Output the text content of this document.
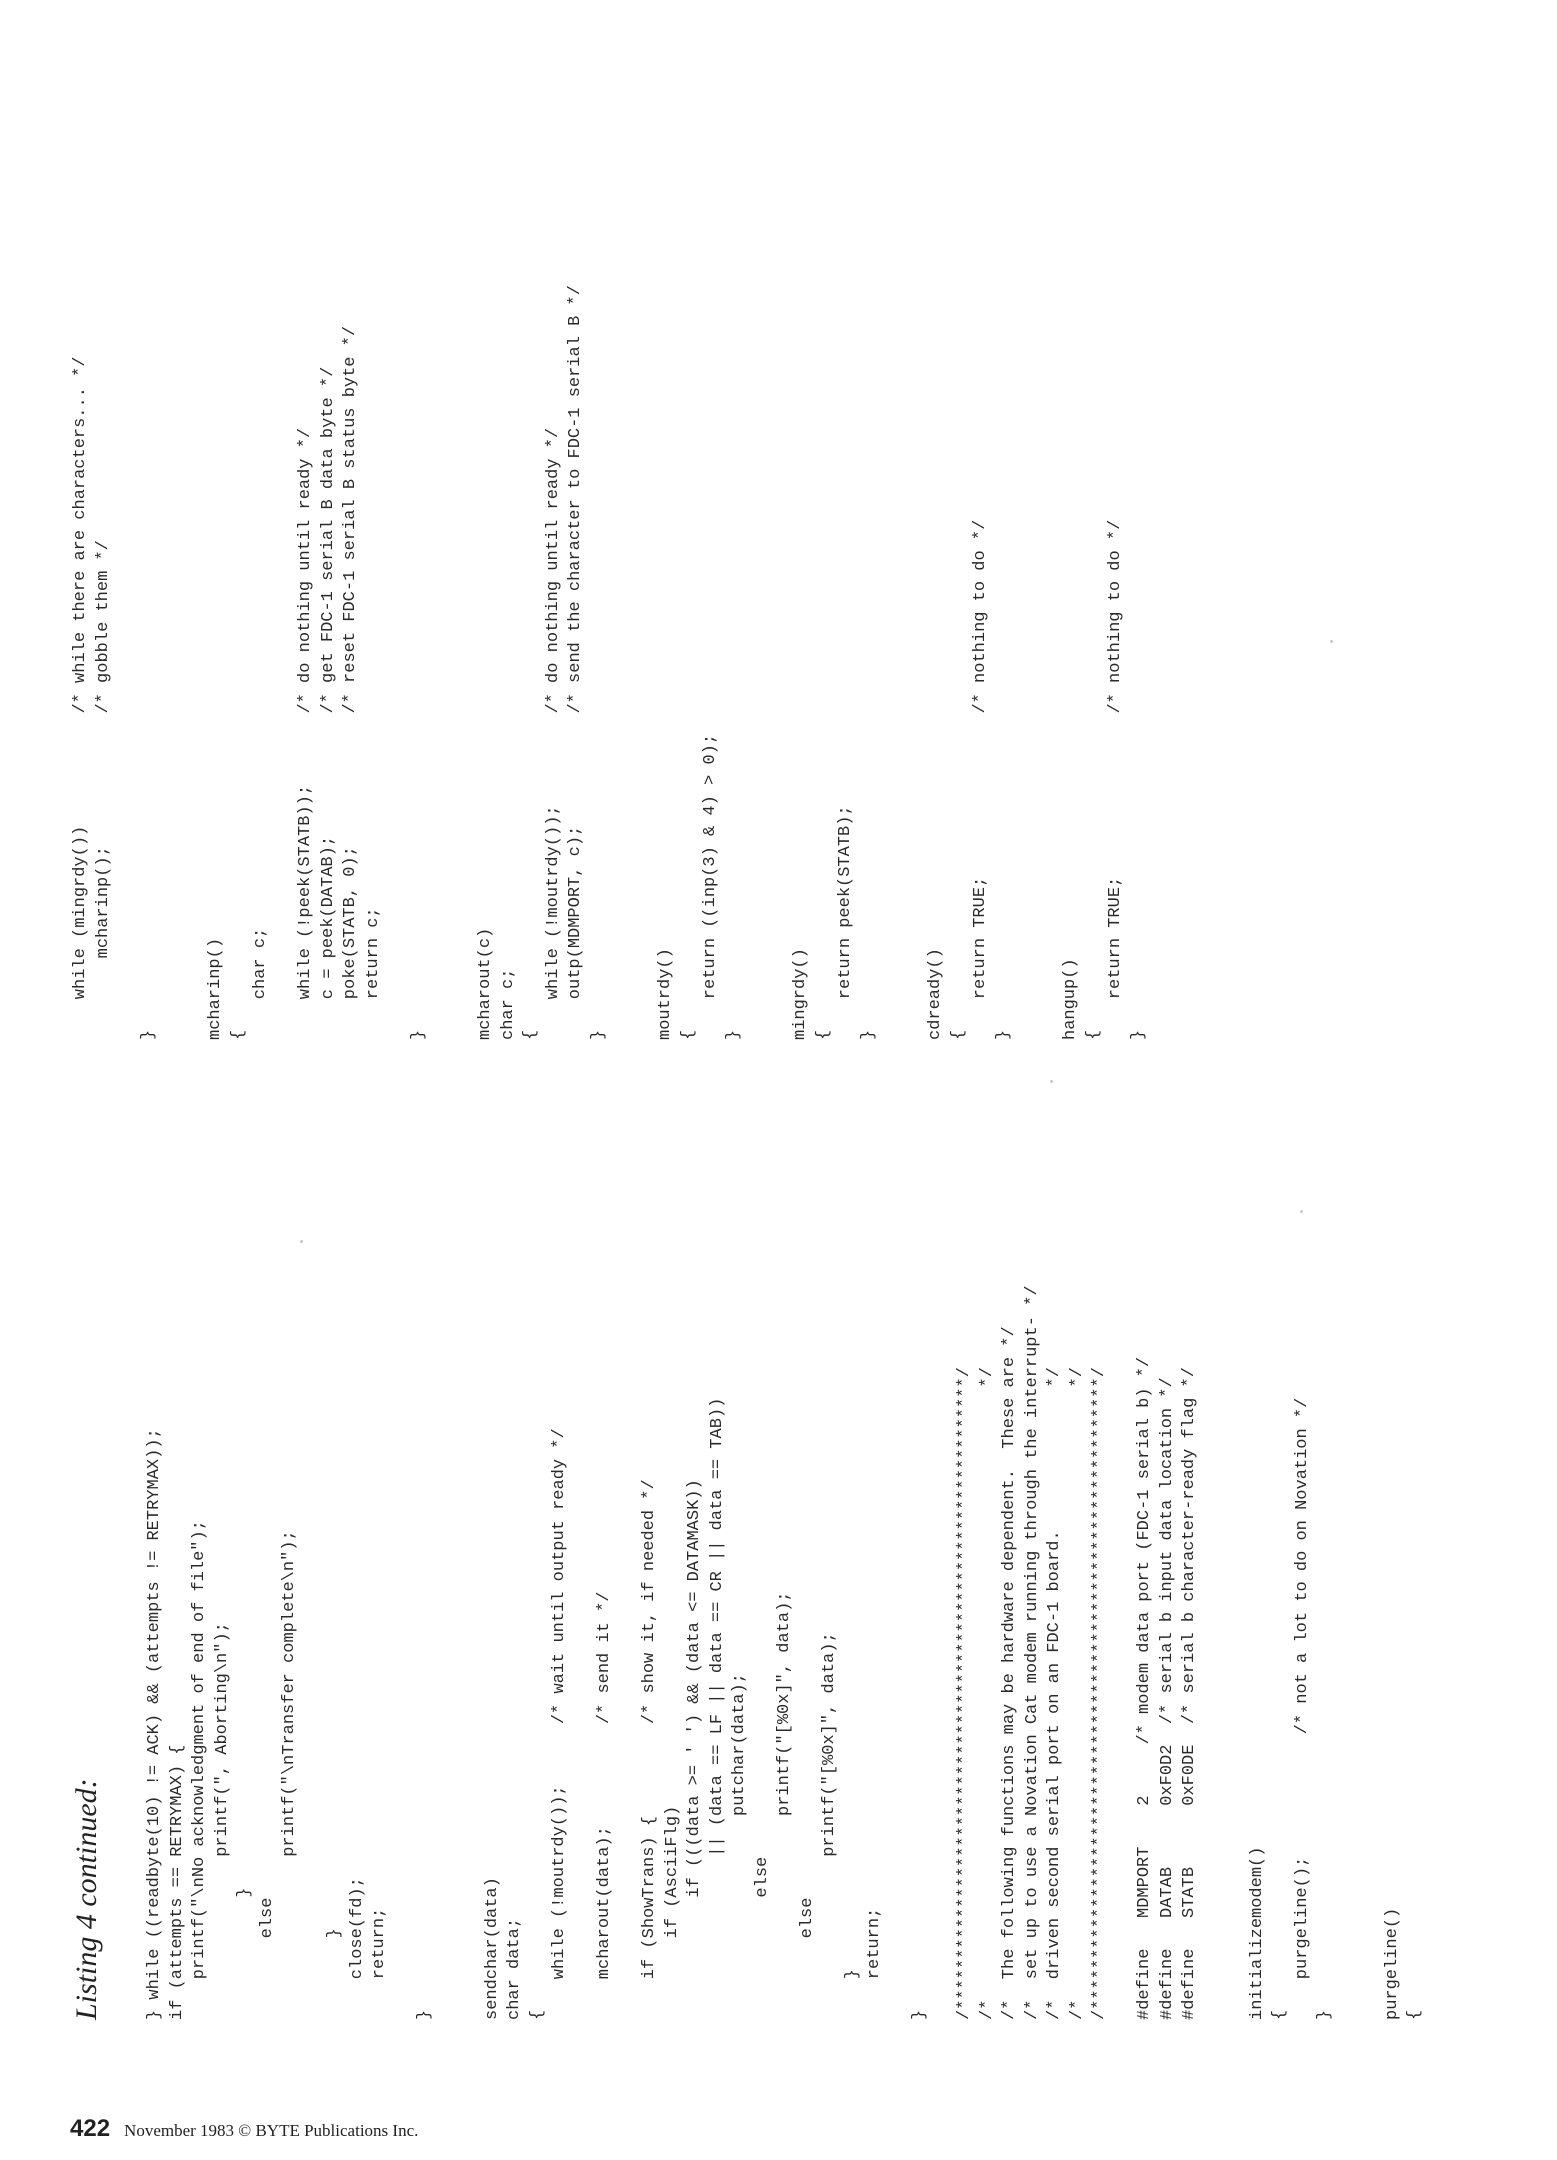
Listing 4 continued: } while ((readbyte(10) != ACK) && (attempts != RETRYMAX));
if (attempts == RETRYMAX) {
printf("\nNo acknowledgment of end of file");
printf(", Aborting\n");
}
else
printf("\nTransfer complete\n");

}
close(fd);
return;

}

sendchar(data)
char data;
{
while (!moutrdy());      /* wait until output ready */

mcharout(data);          /* send it */

if (ShowTrans) {         /* show it, if needed */
if (AsciiFlg)
if (((data >= ' ') && (data <= DATAMASK))
|| (data == LF || data == CR || data == TAB))
putchar(data);
else
printf("[%0x]", data);
else
printf("[%0x]", data);
}
return;

}

/**************************************************************/
/*                                                            */
/*  The following functions may be hardware dependent.  These are */
/*  set up to use a Novation Cat modem running through the interrupt- */
/*  driven second serial port on an FDC-1 board.              */
/*                                                            */
/**************************************************************/

#define   MDMPORT    2     /* modem data port (FDC-1 serial b) */
#define   DATAB      0xF0D2  /* serial b input data location */
#define   STATB      0xF0DE  /* serial b character-ready flag */

initializemodem()
{
purgeline();            /* not a lot to do on Novation */
}

purgeline()
{
while (mingrdy())           /* while there are characters... */
mcharinp();             /* gobble them */

}

mcharinp()
{
char c;

while (!peek(STATB));       /* do nothing until ready */
c = peek(DATAB);            /* get FDC-1 serial B data byte */
poke(STATB, 0);             /* reset FDC-1 serial B status byte */
return c;

}

mcharout(c)
char c;
{
while (!moutrdy());         /* do nothing until ready */
outp(MDMPORT, c);           /* send the character to FDC-1 serial B */
}

moutrdy()
{
return ((inp(3) & 4) > 0);
}

mingrdy()
{
return peek(STATB);
}

cdready()
{
return TRUE;                /* nothing to do */
}

hangup()
{
return TRUE;                /* nothing to do */
}
422 November 1983 © BYTE Publications Inc.
